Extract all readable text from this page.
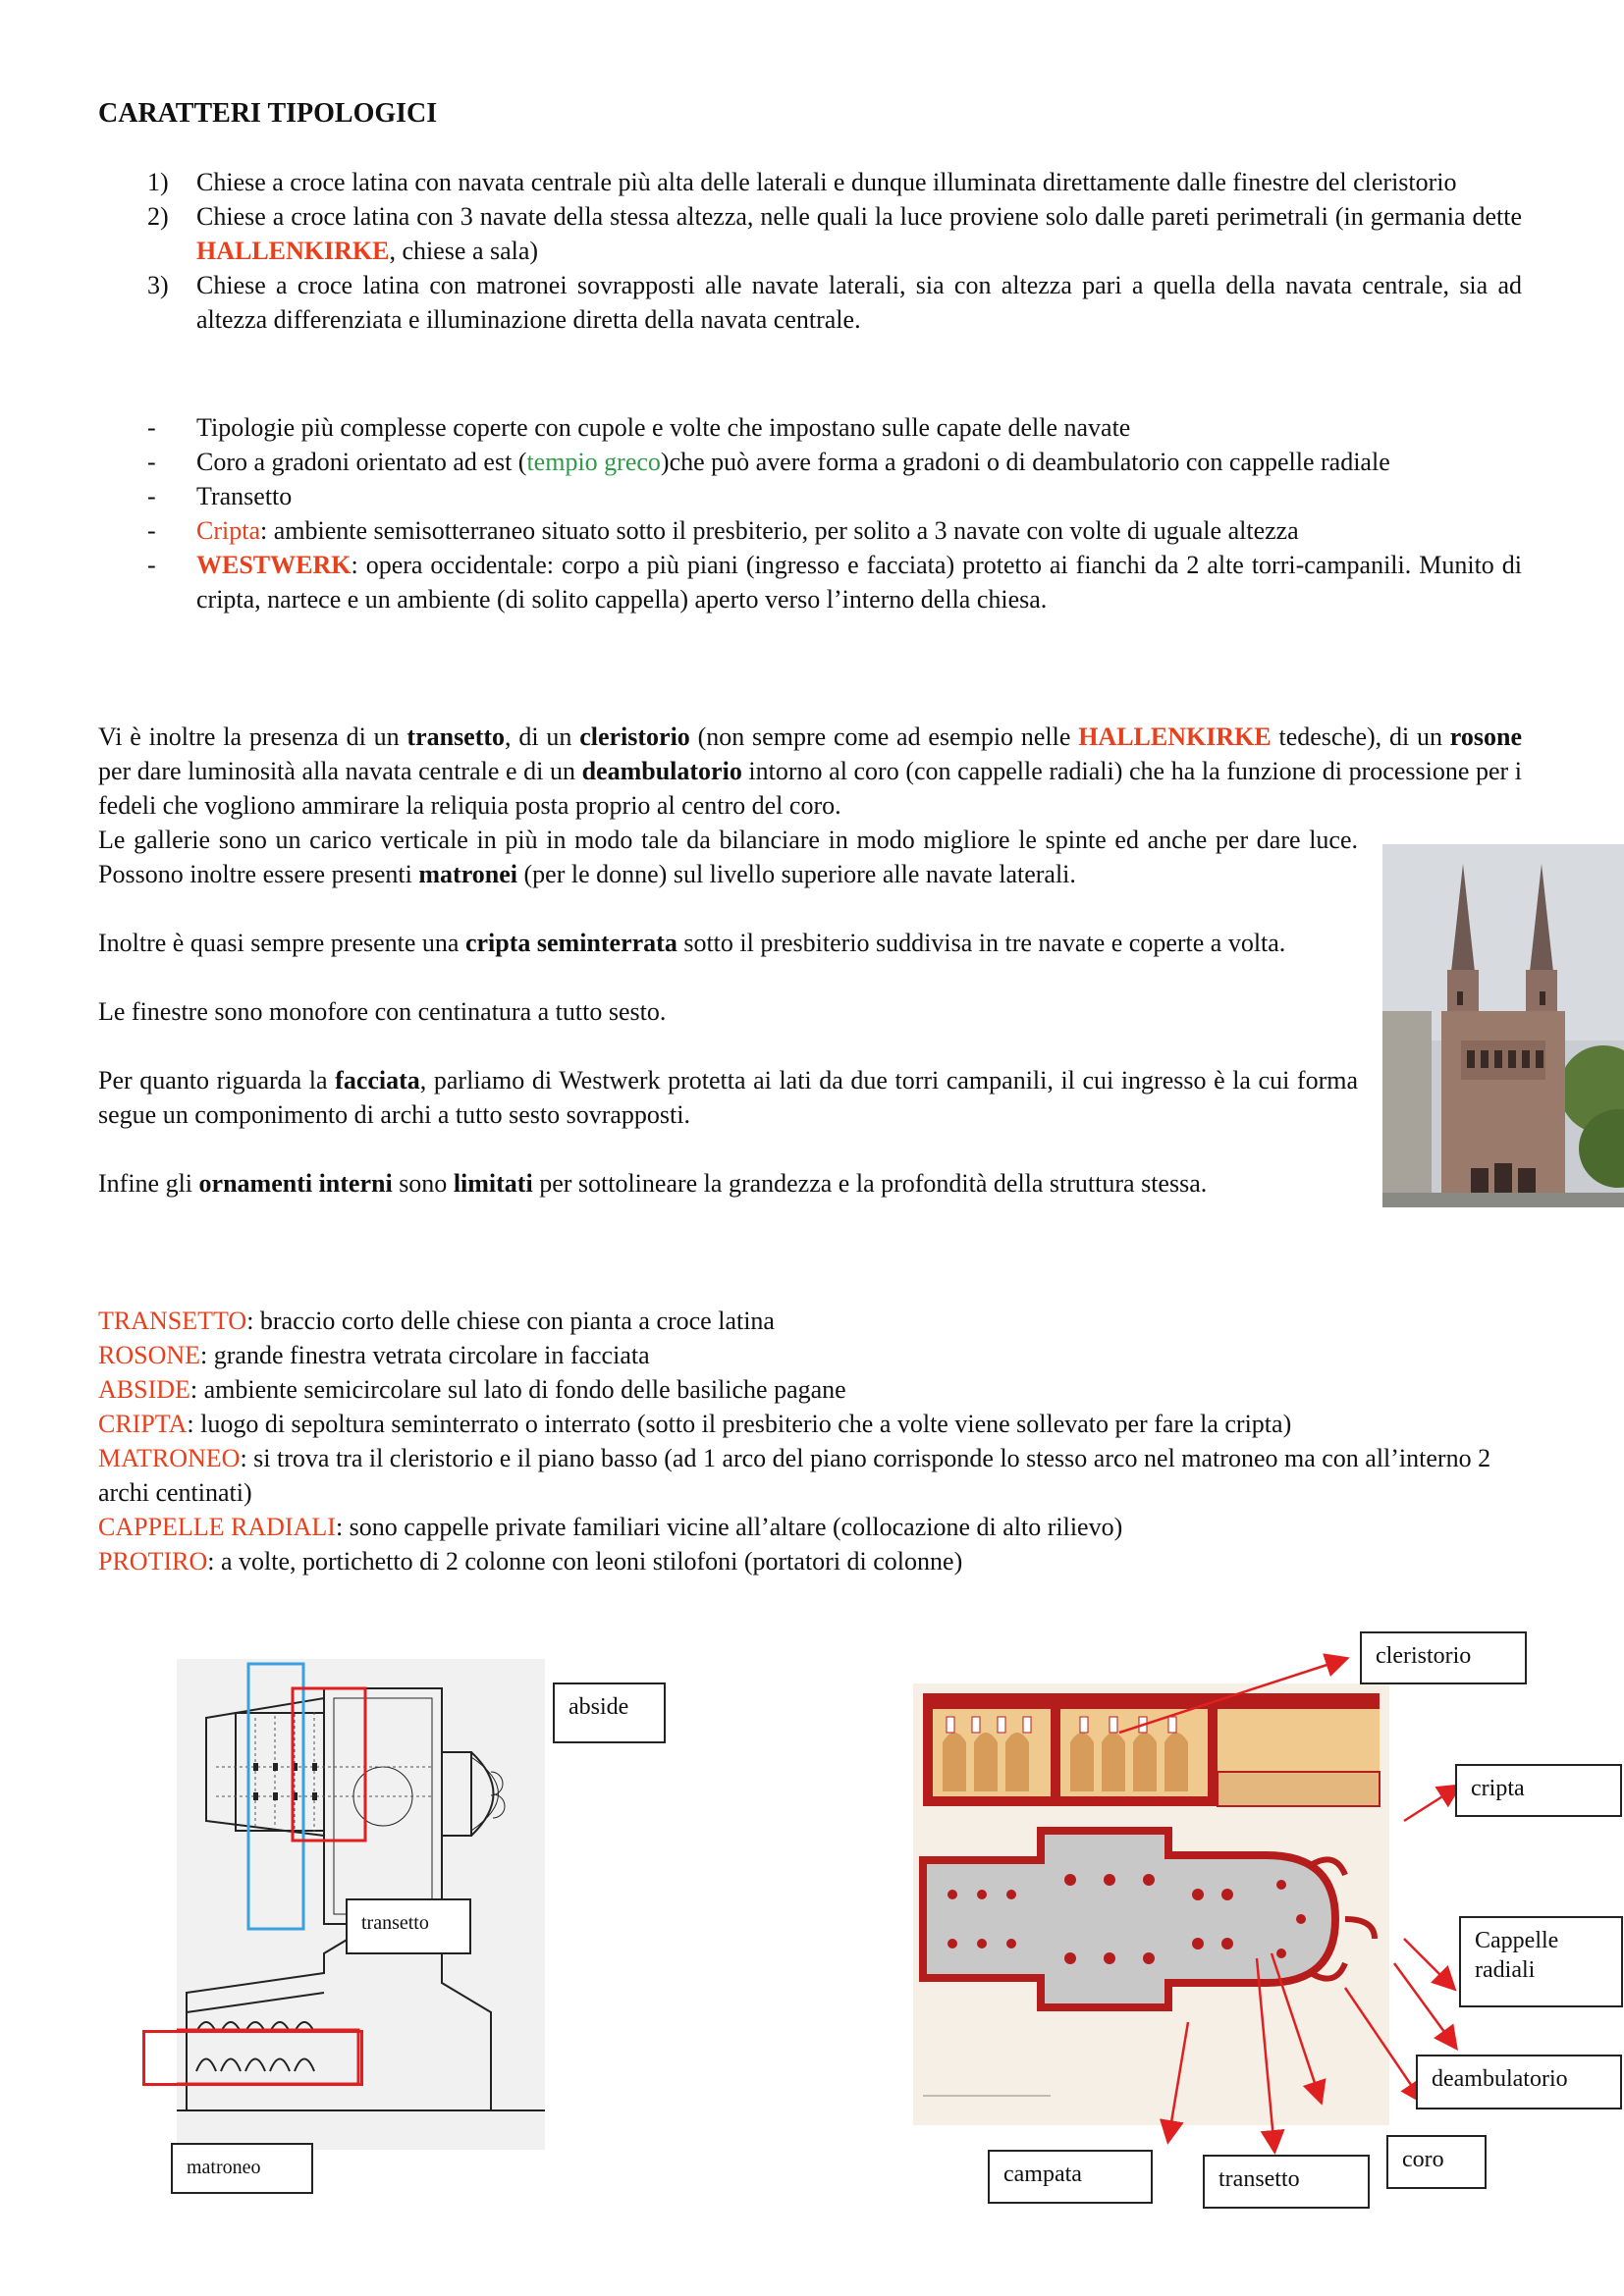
CARATTERI TIPOLOGICI
1)	Chiese a croce latina con navata centrale più alta delle laterali e dunque illuminata direttamente dalle finestre del cleristorio
2)	Chiese a croce latina con 3 navate della stessa altezza, nelle quali la luce proviene solo dalle pareti perimetrali (in germania dette HALLENKIRKE, chiese a sala)
3)	Chiese a croce latina con matronei sovrapposti alle navate laterali, sia con altezza pari a quella della navata centrale, sia ad altezza differenziata e illuminazione diretta della navata centrale.
-	Tipologie più complesse coperte con cupole e volte che impostano sulle capate delle navate
-	Coro a gradoni orientato ad est (tempio greco)che può avere forma a gradoni o di deambulatorio con cappelle radiale
-	Transetto
-	Cripta: ambiente semisotterraneo situato sotto il presbiterio, per solito a 3 navate con volte di uguale altezza
-	WESTWERK: opera occidentale: corpo a più piani (ingresso e facciata) protetto ai fianchi da 2 alte torri-campanili. Munito di cripta, nartece e un ambiente (di solito cappella) aperto verso l’interno della chiesa.
Vi è inoltre la presenza di un transetto, di un cleristorio (non sempre come ad esempio nelle HALLENKIRKE tedesche), di un rosone per dare luminosità alla navata centrale e di un deambulatorio intorno al coro (con cappelle radiali) che ha la funzione di processione per i fedeli che vogliono ammirare la reliquia posta proprio al centro del coro.
Le gallerie sono un carico verticale in più in modo tale da bilanciare in modo migliore le spinte ed anche per dare luce. Possono inoltre essere presenti matronei (per le donne) sul livello superiore alle navate laterali.
Inoltre è quasi sempre presente una cripta seminterrata sotto il presbiterio suddivisa in tre navate e coperte a volta.
Le finestre sono monofore con centinatura a tutto sesto.
Per quanto riguarda la facciata, parliamo di Westwerk protetta ai lati da due torri campanili, il cui ingresso è la cui forma segue un componimento di archi a tutto sesto sovrapposti.
Infine gli ornamenti interni sono limitati per sottolineare la grandezza e la profondità della struttura stessa.
TRANSETTO: braccio corto delle chiese con pianta a croce latina
ROSONE: grande finestra vetrata circolare in facciata
ABSIDE: ambiente semicircolare sul lato di fondo delle basiliche pagane
CRIPTA: luogo di sepoltura seminterrato o interrato (sotto il presbiterio che a volte viene sollevato per fare la cripta)
MATRONEO: si trova tra il cleristorio e il piano basso (ad 1 arco del piano corrisponde lo stesso arco nel matroneo ma con all’interno 2 archi centinati)
CAPPELLE RADIALI: sono cappelle private familiari vicine all’altare (collocazione di alto rilievo)
PROTIRO: a volte, portichetto di 2 colonne con leoni stilofoni (portatori di colonne)
abside
transetto
matroneo
cleristorio
cripta
Cappelle
radiali
deambulatorio
coro
campata	transetto
